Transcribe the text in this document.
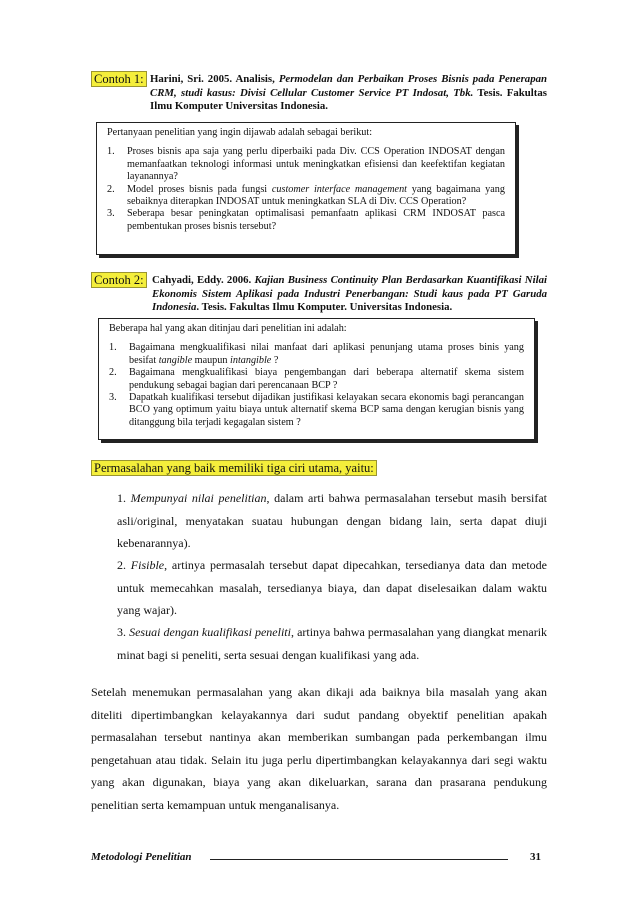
Contoh 1: Harini, Sri. 2005. Analisis, Permodelan dan Perbaikan Proses Bisnis pada Penerapan CRM, studi kasus: Divisi Cellular Customer Service PT Indosat, Tbk. Tesis. Fakultas Ilmu Komputer Universitas Indonesia.
Pertanyaan penelitian yang ingin dijawab adalah sebagai berikut:
1.	Proses bisnis apa saja yang perlu diperbaiki pada Div. CCS Operation INDOSAT dengan memanfaatkan teknologi informasi untuk meningkatkan efisiensi dan keefektifan kegiatan layanannya?
2.	Model proses bisnis pada fungsi customer interface management yang bagaimana yang sebaiknya diterapkan INDOSAT untuk meningkatkan SLA di Div. CCS Operation?
3.	Seberapa besar peningkatan optimalisasi pemanfaatn aplikasi CRM INDOSAT pasca pembentukan proses bisnis tersebut?
Contoh 2: Cahyadi, Eddy. 2006. Kajian Business Continuity Plan Berdasarkan Kuantifikasi Nilai Ekonomis Sistem Aplikasi pada Industri Penerbangan: Studi kaus pada PT Garuda Indonesia. Tesis. Fakultas Ilmu Komputer. Universitas Indonesia.
Beberapa hal yang akan ditinjau dari penelitian ini adalah:
1.	Bagaimana mengkualifikasi nilai manfaat dari aplikasi penunjang utama proses binis yang besifat tangible maupun intangible ?
2.	Bagaimana mengkualifikasi biaya pengembangan dari beberapa alternatif skema sistem pendukung sebagai bagian dari perencanaan BCP ?
3.	Dapatkah kualifikasi tersebut dijadikan justifikasi kelayakan secara ekonomis bagi perancangan BCO yang optimum yaitu biaya untuk alternatif skema BCP sama dengan kerugian bisnis yang ditanggung bila terjadi kegagalan sistem ?
Permasalahan yang baik memiliki tiga ciri utama, yaitu:
1. Mempunyai nilai penelitian, dalam arti bahwa permasalahan tersebut masih bersifat asli/original, menyatakan suatau hubungan dengan bidang lain, serta dapat diuji kebenarannya).
2. Fisible, artinya permasalah tersebut dapat dipecahkan, tersedianya data dan metode untuk memecahkan masalah, tersedianya biaya, dan dapat diselesaikan dalam waktu yang wajar).
3. Sesuai dengan kualifikasi peneliti, artinya bahwa permasalahan yang diangkat menarik minat bagi si peneliti, serta sesuai dengan kualifikasi yang ada.
Setelah menemukan permasalahan yang akan dikaji ada baiknya bila masalah yang akan diteliti dipertimbangkan kelayakannya dari sudut pandang obyektif penelitian apakah permasalahan tersebut nantinya akan memberikan sumbangan pada perkembangan ilmu pengetahuan atau tidak. Selain itu juga perlu dipertimbangkan kelayakannya dari segi waktu yang akan digunakan, biaya yang akan dikeluarkan, sarana dan prasarana pendukung penelitian serta kemampuan untuk menganalisanya.
Metodologi Penelitian	31
